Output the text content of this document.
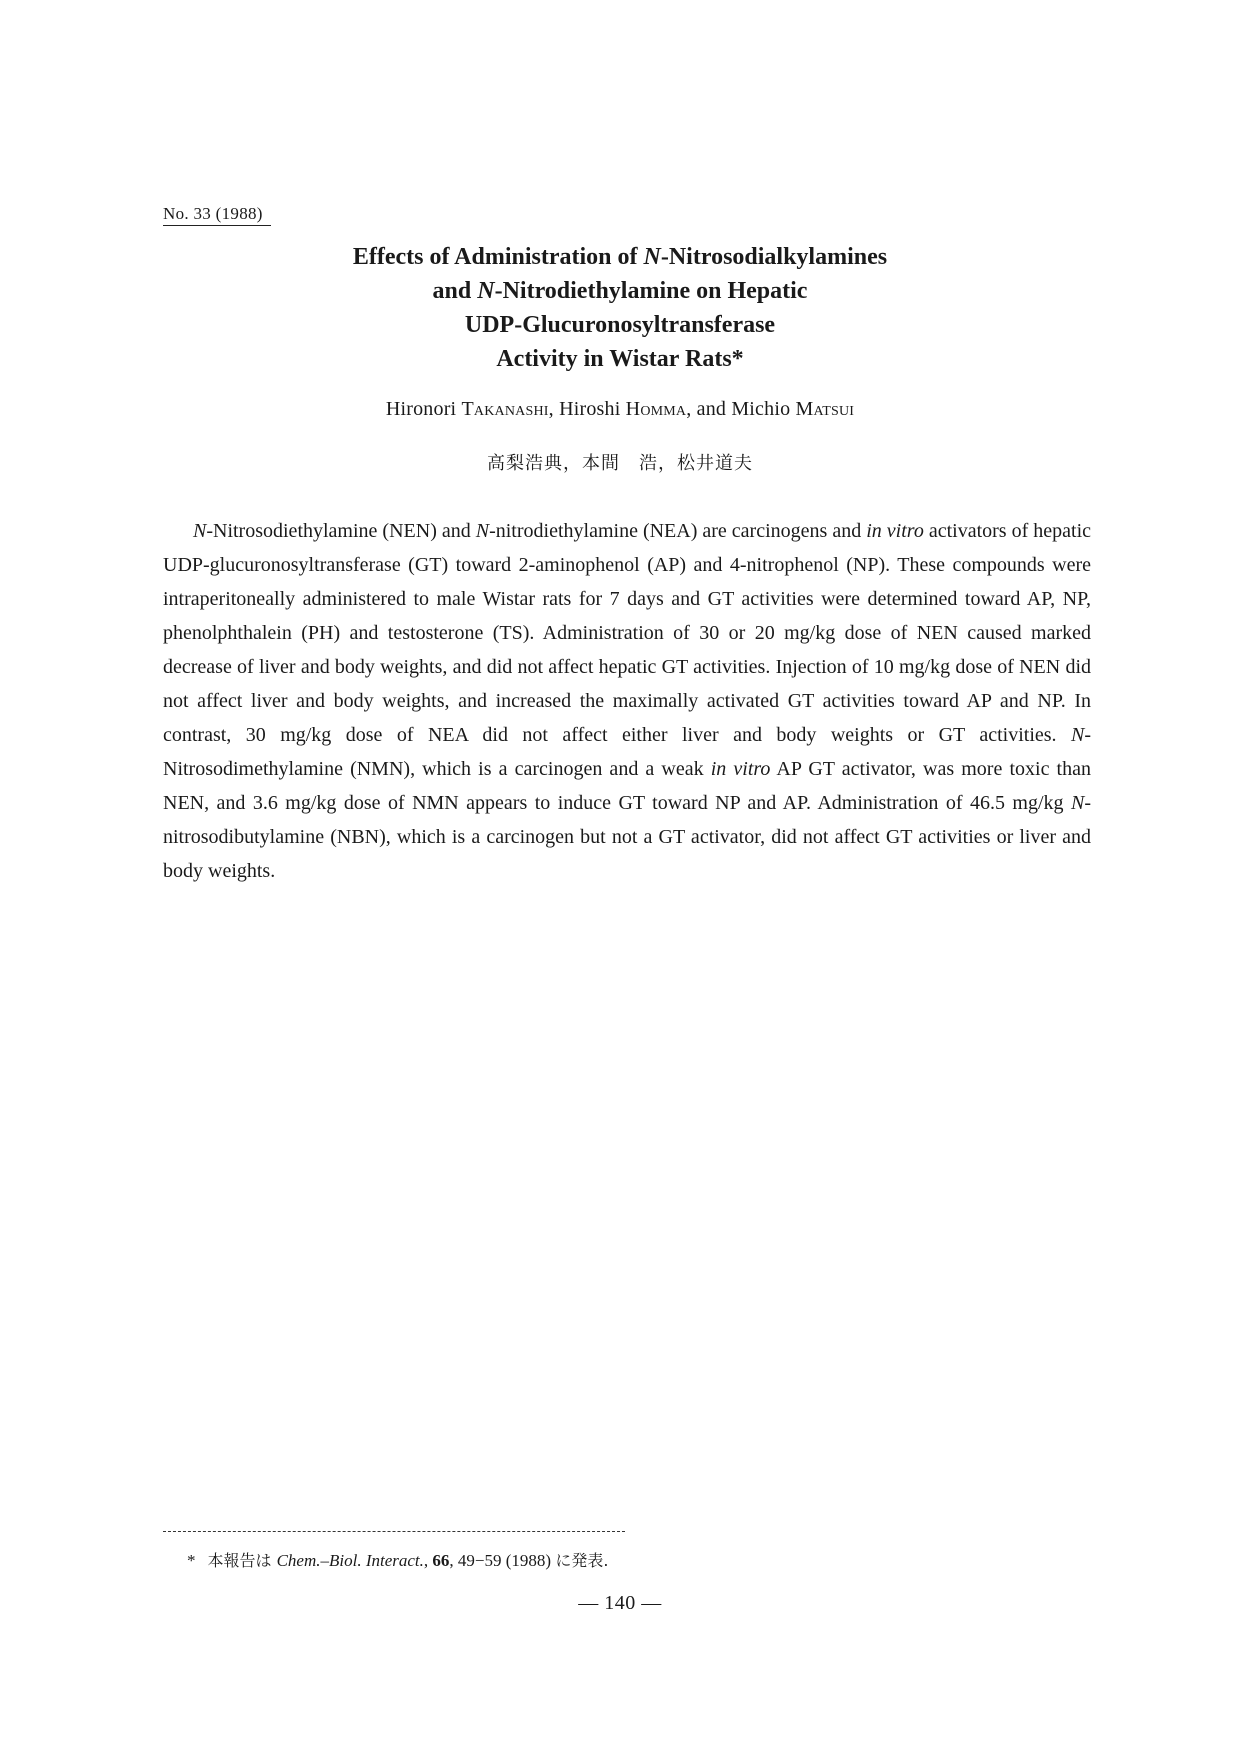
No. 33 (1988)
Effects of Administration of N-Nitrosodialkylamines
and N-Nitrodiethylamine on Hepatic
UDP-Glucuronosyltransferase
Activity in Wistar Rats*
Hironori Takanashi, Hiroshi Homma, and Michio Matsui
高梨浩典，本間　浩，松井道夫

N-Nitrosodiethylamine (NEN) and N-nitrodiethylamine (NEA) are carcinogens and in vitro activators of hepatic UDP-glucuronosyltransferase (GT) toward 2-aminophenol (AP) and 4-nitrophenol (NP). These compounds were intraperitoneally administered to male Wistar rats for 7 days and GT activities were determined toward AP, NP, phenolphthalein (PH) and testosterone (TS). Administration of 30 or 20 mg/kg dose of NEN caused marked decrease of liver and body weights, and did not affect hepatic GT activities. Injection of 10 mg/kg dose of NEN did not affect liver and body weights, and increased the maximally activated GT activities toward AP and NP. In contrast, 30 mg/kg dose of NEA did not affect either liver and body weights or GT activities. N-Nitrosodimethylamine (NMN), which is a carcinogen and a weak in vitro AP GT activator, was more toxic than NEN, and 3.6 mg/kg dose of NMN appears to induce GT toward NP and AP. Administration of 46.5 mg/kg N-nitrosodibutylamine (NBN), which is a carcinogen but not a GT activator, did not affect GT activities or liver and body weights.

* 本報告は Chem.–Biol. Interact., 66, 49−59 (1988) に発表.
— 140 —
